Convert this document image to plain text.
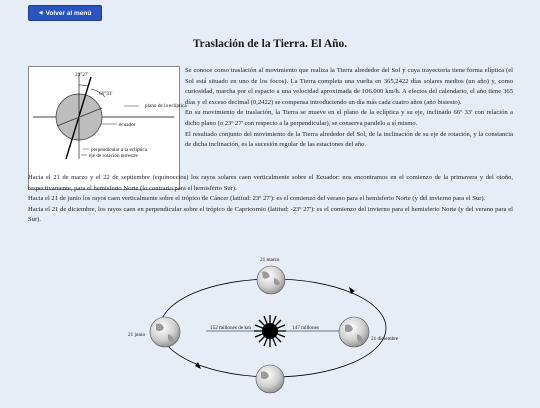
◀ Volver al menú
Traslación de la Tierra. El Año.
23°27'
66°33'
plano de la eclíptica
ecuador
perpendicular a la eclíptica
eje de rotación terrestre

Se conoce como traslación al movimiento que realiza la Tierra alrededor del Sol y cuya trayectoria tiene forma elíptica (el Sol está situado en uno de los focos). La Tierra completa una vuelta en 365,2422 días solares medios (un año) y, como curiosidad, marcha por el espacio a una velocidad aproximada de 106.000 km/h. A efectos del calendario, el año tiene 365 días y el exceso decimal (0,2422) se compensa introduciendo un día más cada cuatro años (año bisiesto).

En su movimiento de traslación, la Tierra se mueve en el plano de la eclíptica y su eje, inclinado 66º 33' con relación a dicho plano (o 23º 27' con respecto a la perpendicular), se conserva paralelo a sí mismo.

El resultado conjunto del movimiento de la Tierra alrededor del Sol, de la inclinación de su eje de rotación, y la constancia de dicha inclinación, es la sucesión regular de las estaciones del año.

Hacia el 21 de marzo y el 22 de septiembre (equinoccios) los rayos solares caen verticalmente sobre el Ecuador: nos encontramos en el comienzo de la primavera y del otoño, respectivamente, para el hemisferio Norte (lo contrario para el hemisferio Sur).

Hacia el 21 de junio los rayos caen verticalmente sobre el trópico de Cáncer (latitud: 23º 27'): es el comienzo del verano para el hemisferio Norte (y del invierno para el Sur).

Hacia el 21 de diciembre, los rayos caen en perpendicular sobre el trópico de Capricornio (latitud: -23º 27'): es el comienzo del invierno para el hemisferio Norte (y del verano para el Sur).

21 marzo
21 junio
21 diciembre
152 millones de km	147 millones
